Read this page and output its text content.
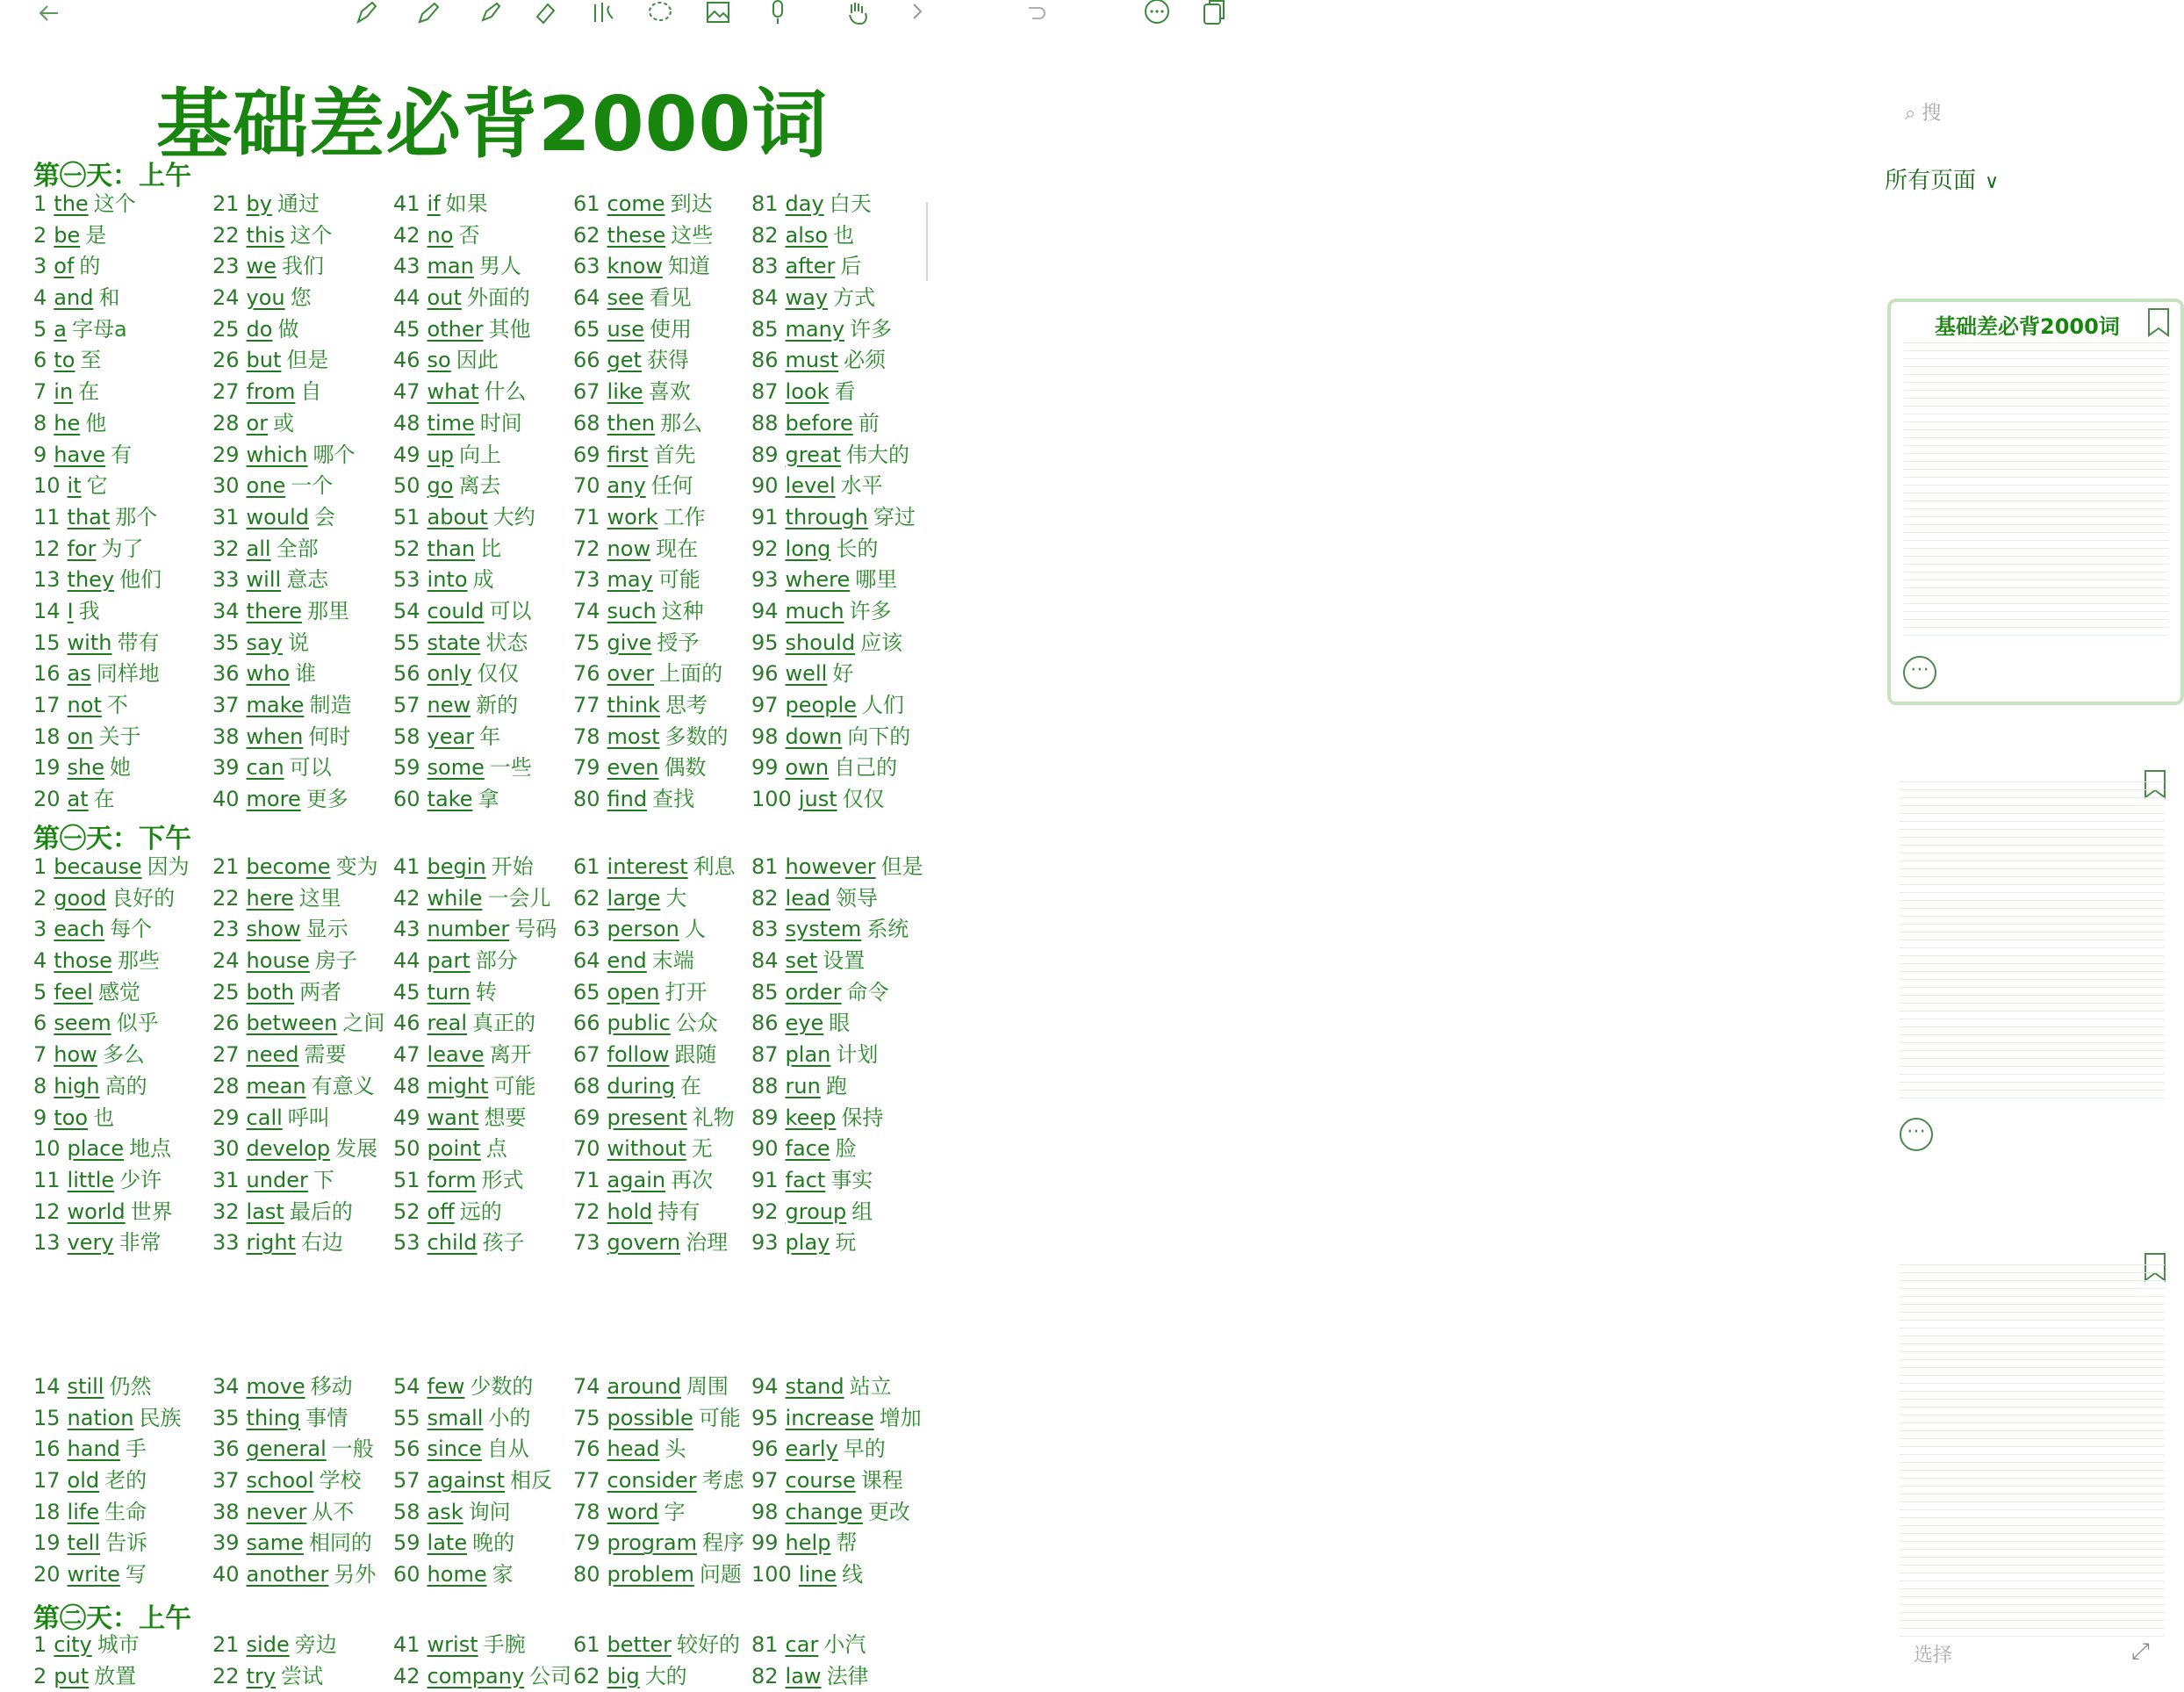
基础差必背2000词
第㊀天：上午
1 the 这个
2 be 是
3 of 的
4 and 和
5 a 字母a
6 to 至
7 in 在
8 he 他
9 have 有
10 it 它
11 that 那个
12 for 为了
13 they 他们
14 I 我
15 with 带有
16 as 同样地
17 not 不
18 on 关于
19 she 她
20 at 在
21 by 通过
22 this 这个
23 we 我们
24 you 您
25 do 做
26 but 但是
27 from 自
28 or 或
29 which 哪个
30 one 一个
31 would 会
32 all 全部
33 will 意志
34 there 那里
35 say 说
36 who 谁
37 make 制造
38 when 何时
39 can 可以
40 more 更多
41 if 如果
42 no 否
43 man 男人
44 out 外面的
45 other 其他
46 so 因此
47 what 什么
48 time 时间
49 up 向上
50 go 离去
51 about 大约
52 than 比
53 into 成
54 could 可以
55 state 状态
56 only 仅仅
57 new 新的
58 year 年
59 some 一些
60 take 拿
61 come 到达
62 these 这些
63 know 知道
64 see 看见
65 use 使用
66 get 获得
67 like 喜欢
68 then 那么
69 first 首先
70 any 任何
71 work 工作
72 now 现在
73 may 可能
74 such 这种
75 give 授予
76 over 上面的
77 think 思考
78 most 多数的
79 even 偶数
80 find 查找
81 day 白天
82 also 也
83 after 后
84 way 方式
85 many 许多
86 must 必须
87 look 看
88 before 前
89 great 伟大的
90 level 水平
91 through 穿过
92 long 长的
93 where 哪里
94 much 许多
95 should 应该
96 well 好
97 people 人们
98 down 向下的
99 own 自己的
100 just 仅仅
第㊀天：下午
1 because 因为
2 good 良好的
3 each 每个
4 those 那些
5 feel 感觉
6 seem 似乎
7 how 多么
8 high 高的
9 too 也
10 place 地点
11 little 少许
12 world 世界
13 very 非常
21 become 变为
22 here 这里
23 show 显示
24 house 房子
25 both 两者
26 between 之间
27 need 需要
28 mean 有意义
29 call 呼叫
30 develop 发展
31 under 下
32 last 最后的
33 right 右边
41 begin 开始
42 while 一会儿
43 number 号码
44 part 部分
45 turn 转
46 real 真正的
47 leave 离开
48 might 可能
49 want 想要
50 point 点
51 form 形式
52 off 远的
53 child 孩子
61 interest 利息
62 large 大
63 person 人
64 end 末端
65 open 打开
66 public 公众
67 follow 跟随
68 during 在
69 present 礼物
70 without 无
71 again 再次
72 hold 持有
73 govern 治理
81 however 但是
82 lead 领导
83 system 系统
84 set 设置
85 order 命令
86 eye 眼
87 plan 计划
88 run 跑
89 keep 保持
90 face 脸
91 fact 事实
92 group 组
93 play 玩
14 still 仍然
15 nation 民族
16 hand 手
17 old 老的
18 life 生命
19 tell 告诉
20 write 写
34 move 移动
35 thing 事情
36 general 一般
37 school 学校
38 never 从不
39 same 相同的
40 another 另外
54 few 少数的
55 small 小的
56 since 自从
57 against 相反
58 ask 询问
59 late 晚的
60 home 家
74 around 周围
75 possible 可能
76 head 头
77 consider 考虑
78 word 字
79 program 程序
80 problem 问题
94 stand 站立
95 increase 增加
96 early 早的
97 course 课程
98 change 更改
99 help 帮
100 line 线
第㊁天：上午
1 city 城市
2 put 放置
21 side 旁边
22 try 尝试
41 wrist 手腕
42 company 公司
61 better 较好的
62 big 大的
81 car 小汽
82 law 法律
⌕ 搜
所有页面 ∨
基础差必背2000词
⋯
⋯
选择	⤢
